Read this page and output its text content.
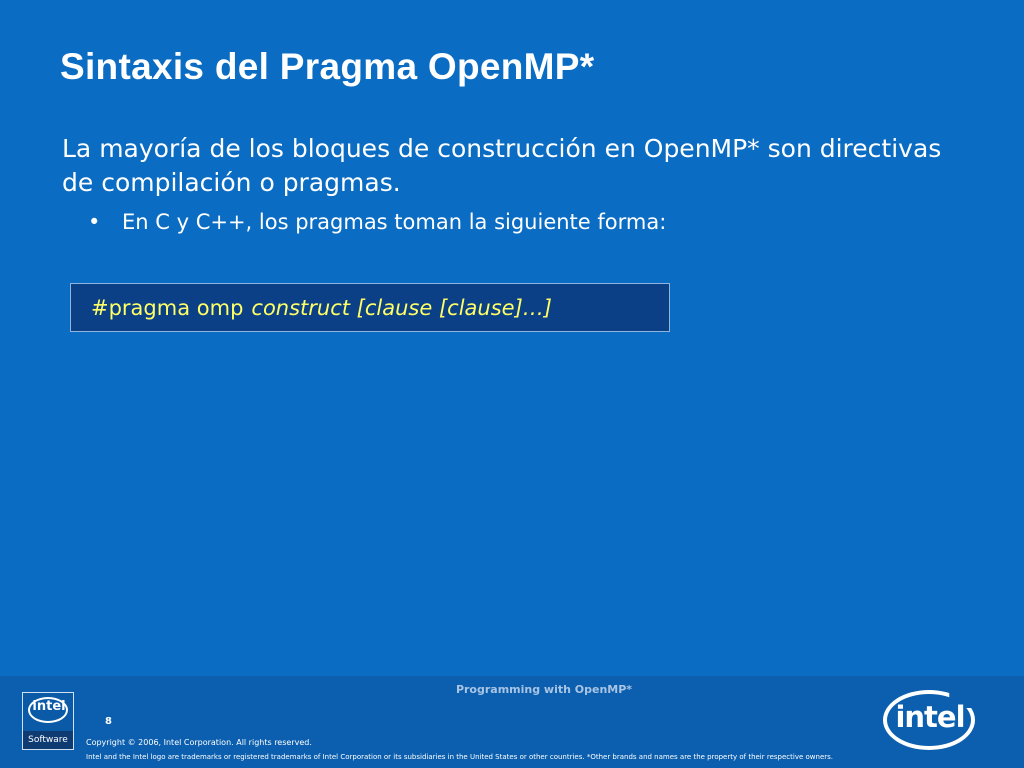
Sintaxis del Pragma OpenMP*
La mayoría de los bloques de construcción en OpenMP* son directivas de compilación o pragmas.
• En C y C++, los pragmas toman la siguiente forma:
#pragma omp construct [clause [clause]…]
Programming with OpenMP*
intel
Software
8
Copyright © 2006, Intel Corporation. All rights reserved.
Intel and the Intel logo are trademarks or registered trademarks of Intel Corporation or its subsidiaries in the United States or other countries. *Other brands and names are the property of their respective owners.
intel
